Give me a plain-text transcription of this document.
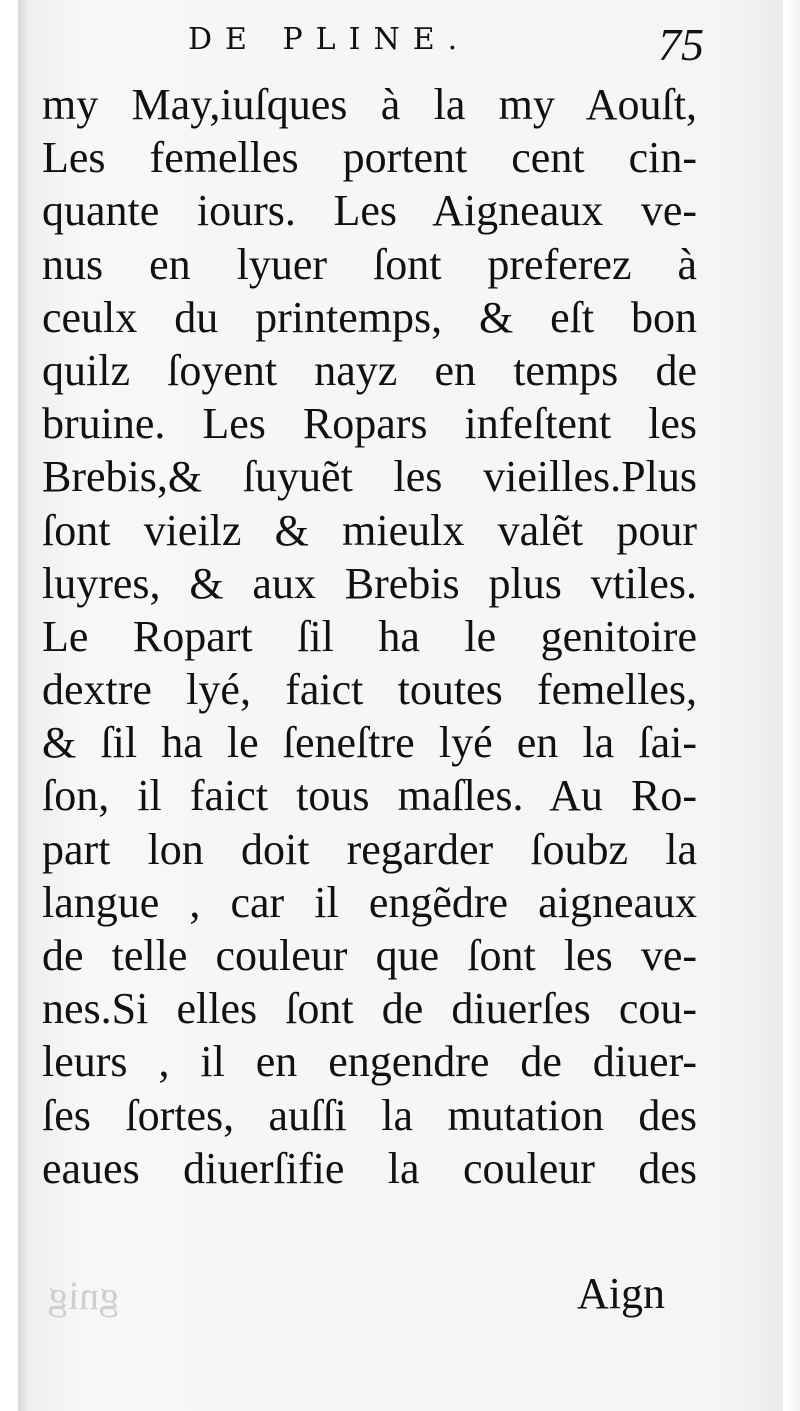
DE PLINE.	75
my May,iuſques à la my Aouſt,
Les femelles portent cent cin-
quante iours. Les Aigneaux ve-
nus en lyuer ſont preferez à
ceulx du printemps, & eſt bon
quilz ſoyent nayz en temps de
bruine. Les Ropars infeſtent les
Brebis,& ſuyuẽt les vieilles.Plus
ſont vieilz & mieulx valẽt pour
luyres, & aux Brebis plus vtiles.
Le Ropart ſil ha le genitoire
dextre lyé, faict toutes femelles,
& ſil ha le ſeneſtre lyé en la ſai-
ſon, il faict tous maſles. Au Ro-
part lon doit regarder ſoubz la
langue , car il engẽdre aigneaux
de telle couleur que ſont les ve-
nes.Si elles ſont de diuerſes cou-
leurs , il en engendre de diuer-
ſes ſortes, auſſi la mutation des
eaues diuerſifie la couleur des
gnig	Aign
